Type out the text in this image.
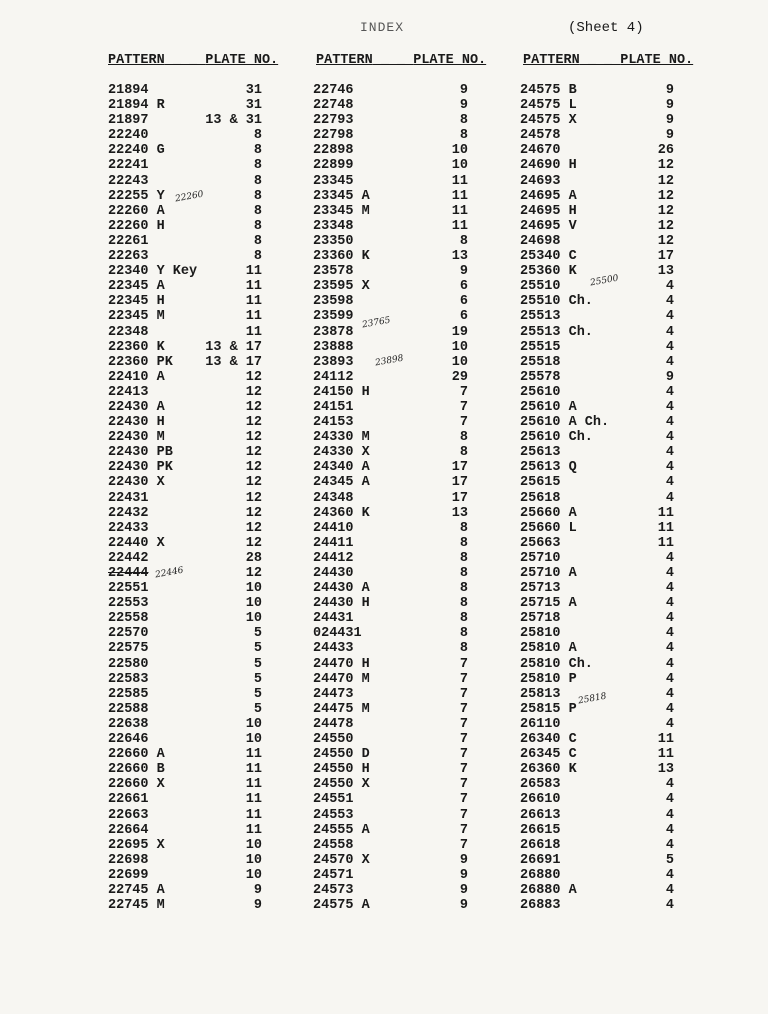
INDEX	(Sheet 4)
PATTERN _ _ PLATE NO.	PATTERN _ _ PLATE NO.	PATTERN _ _ PLATE NO.
21894	31
21894 R	31
21897	13 & 31
22240	8
22240 G	8
22241	8
22243	8
22255 Y	8
22260 A	8
22260 H	8
22261	8
22263	8
22340 Y Key	11
22345 A	11
22345 H	11
22345 M	11
22348	11
22360 K	13 & 17
22360 PK 13 & 17
22410 A	12
22413	12
22430 A	12
22430 H	12
22430 M	12
22430 PB	12
22430 PK	12
22430 X	12
22431	12
22432	12
22433	12
22440 X	12
22442	28
22444	12
22551	10
22553	10
22558	10
22570	5
22575	5
22580	5
22583	5
22585	5
22588	5
22638	10
22646	10
22660 A	11
22660 B	11
22660 X	11
22661	11
22663	11
22664	11
22695 X	10
22698	10
22699	10
22745 A	9
22745 M	9
22746	9
22748	9
22793	8
22798	8
22898	10
22899	10
23345	11
23345 A	11
23345 M	11
23348	11
23350	8
23360 K	13
23578	9
23595 X	6
23598	6
23599	6
23878	19
23888	10
23893	10
24112	29
24150 H	7
24151	7
24153	7
24330 M	8
24330 X	8
24340 A	17
24345 A	17
24348	17
24360 K	13
24410	8
24411	8
24412	8
24430	8
24430 A	8
24430 H	8
24431	8
024431	8
24433	8
24470 H	7
24470 M	7
24473	7
24475 M	7
24478	7
24550	7
24550 D	7
24550 H	7
24550 X	7
24551	7
24553	7
24555 A	7
24558	7
24570 X	9
24571	9
24573	9
24575 A	9
24575 B	9
24575 L	9
24575 X	9
24578	9
24670	26
24690 H	12
24693	12
24695 A	12
24695 H	12
24695 V	12
24698	12
25340 C	17
25360 K	13
25510	4
25510 Ch.	4
25513	4
25513 Ch.	4
25515	4
25518	4
25578	9
25610	4
25610 A	4
25610 A Ch.	4
25610 Ch.	4
25613	4
25613 Q	4
25615	4
25618	4
25660 A	11
25660 L	11
25663	11
25710	4
25710 A	4
25713	4
25715 A	4
25718	4
25810	4
25810 A	4
25810 Ch.	4
25810 P	4
25813	4
25815 P	4
26110	4
26340 C	11
26345 C	11
26360 K	13
26583	4
26610	4
26613	4
26615	4
26618	4
26691	5
26880	4
26880 A	4
26883	4
22260
22446
23765
23898
25500
25818
